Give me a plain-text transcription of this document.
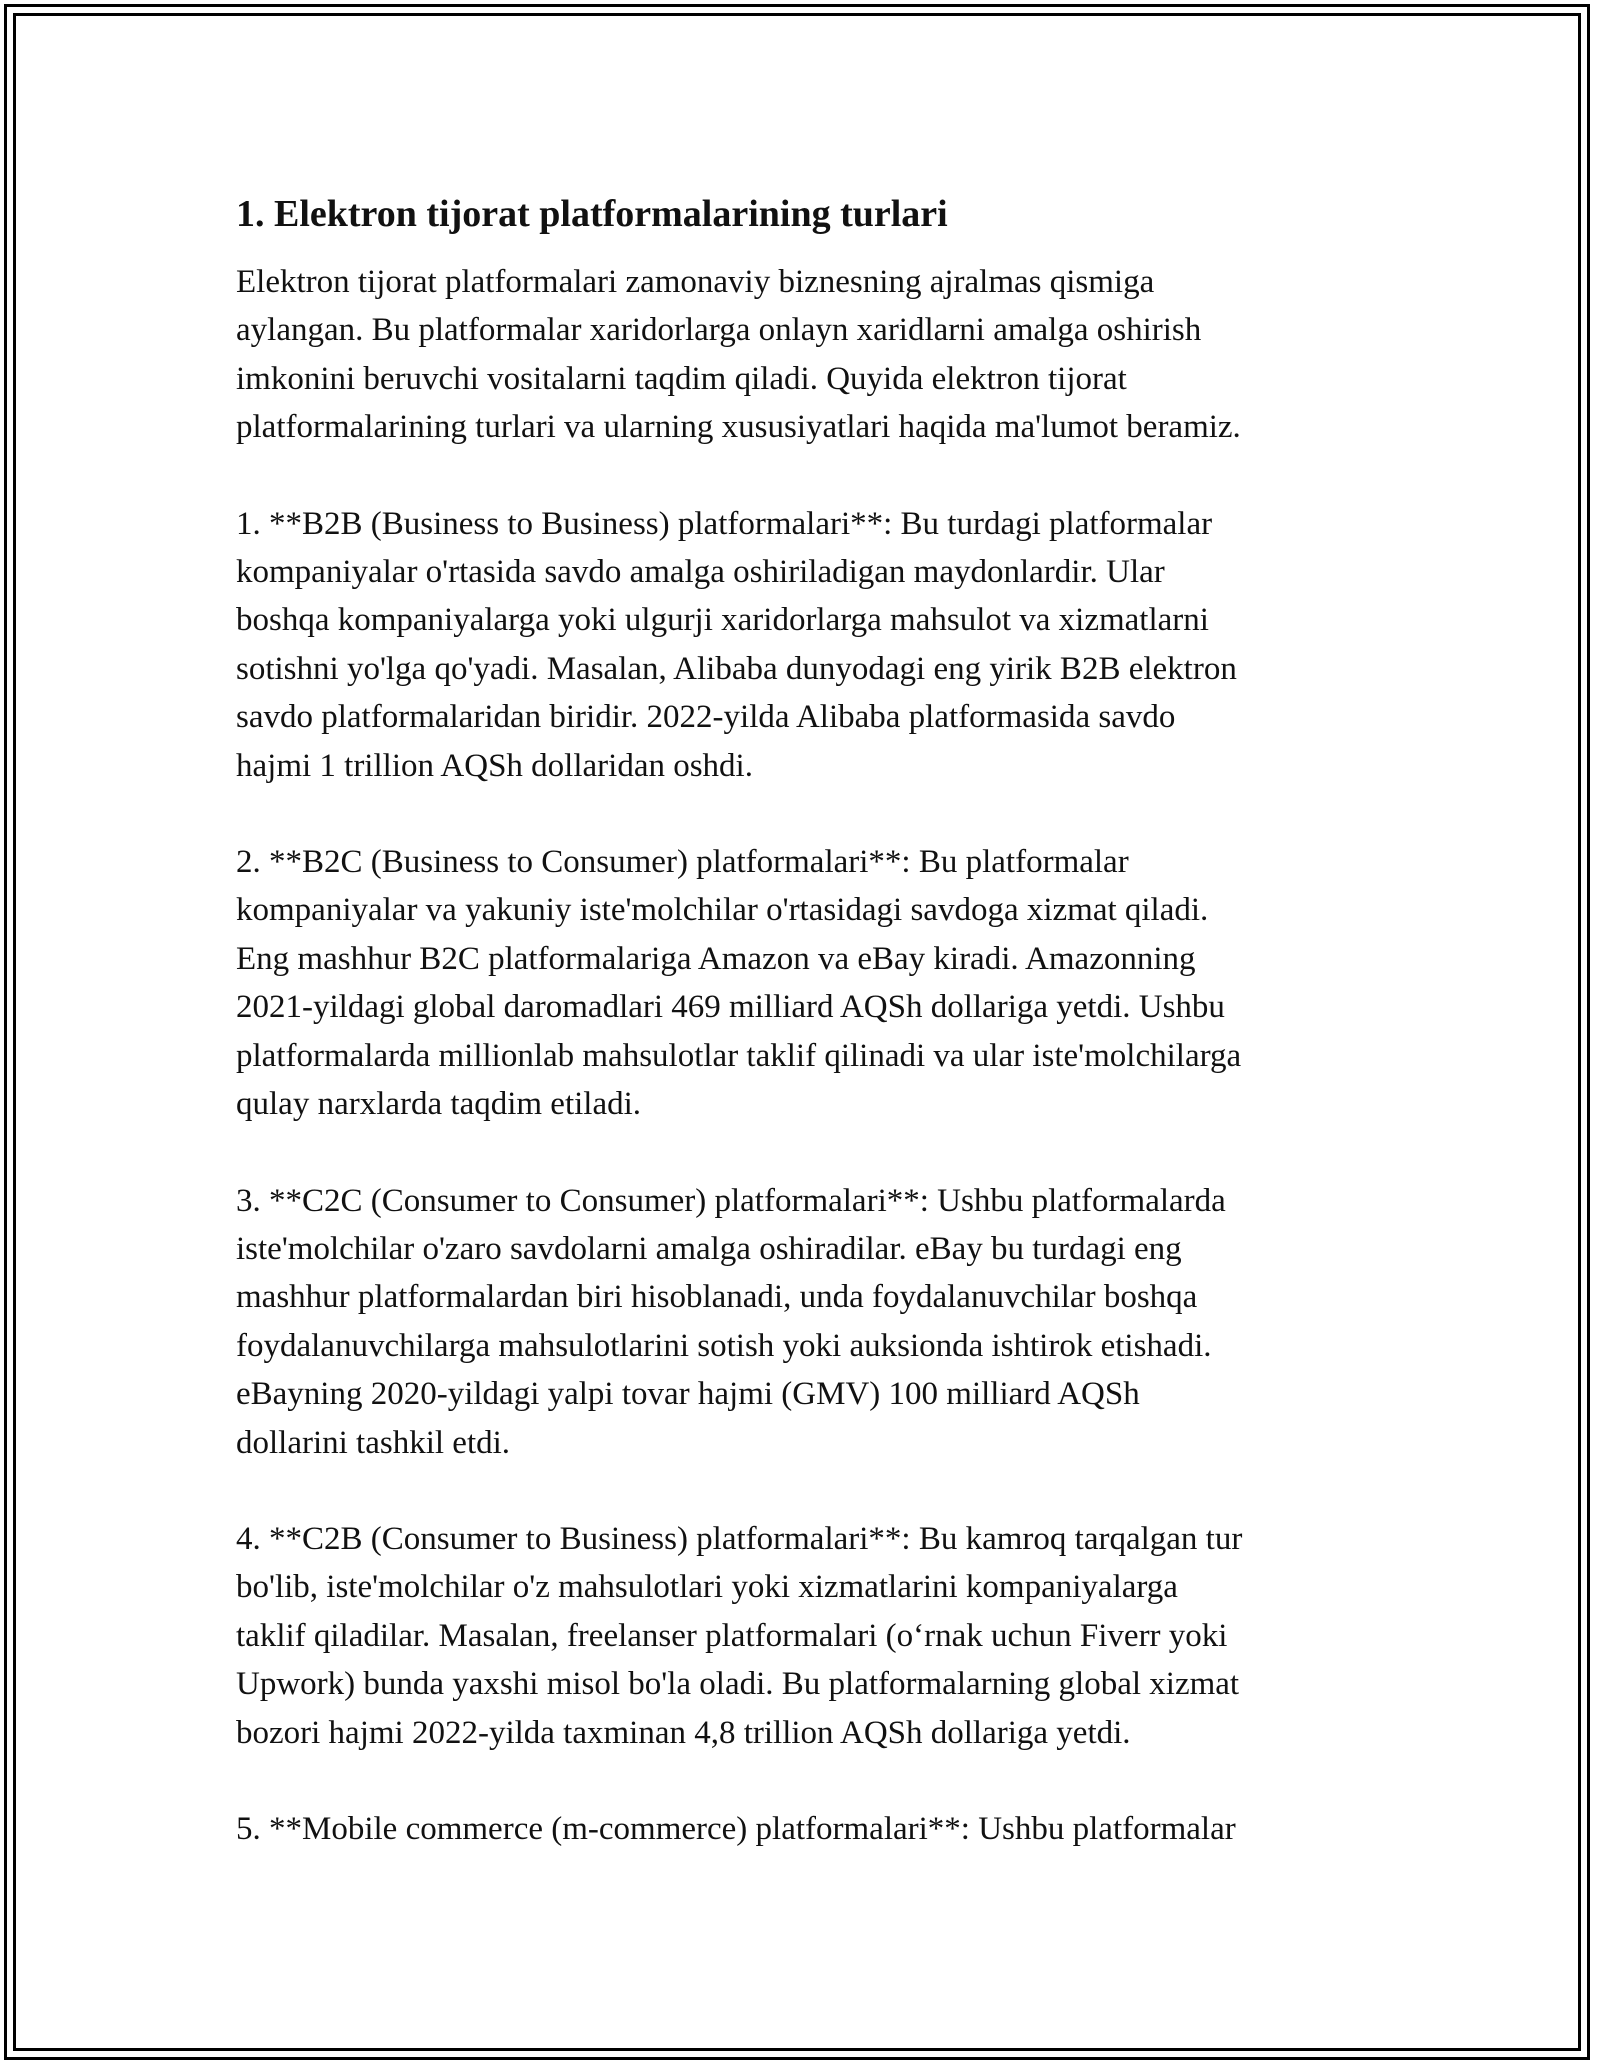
1. Elektron tijorat platformalarining turlari

Elektron tijorat platformalari zamonaviy biznesning ajralmas qismiga
aylangan. Bu platformalar xaridorlarga onlayn xaridlarni amalga oshirish
imkonini beruvchi vositalarni taqdim qiladi. Quyida elektron tijorat
platformalarining turlari va ularning xususiyatlari haqida ma'lumot beramiz.

1. **B2B (Business to Business) platformalari**: Bu turdagi platformalar
kompaniyalar o'rtasida savdo amalga oshiriladigan maydonlardir. Ular
boshqa kompaniyalarga yoki ulgurji xaridorlarga mahsulot va xizmatlarni
sotishni yo'lga qo'yadi. Masalan, Alibaba dunyodagi eng yirik B2B elektron
savdo platformalaridan biridir. 2022-yilda Alibaba platformasida savdo
hajmi 1 trillion AQSh dollaridan oshdi.

2. **B2C (Business to Consumer) platformalari**: Bu platformalar
kompaniyalar va yakuniy iste'molchilar o'rtasidagi savdoga xizmat qiladi.
Eng mashhur B2C platformalariga Amazon va eBay kiradi. Amazonning
2021-yildagi global daromadlari 469 milliard AQSh dollariga yetdi. Ushbu
platformalarda millionlab mahsulotlar taklif qilinadi va ular iste'molchilarga
qulay narxlarda taqdim etiladi.

3. **C2C (Consumer to Consumer) platformalari**: Ushbu platformalarda
iste'molchilar o'zaro savdolarni amalga oshiradilar. eBay bu turdagi eng
mashhur platformalardan biri hisoblanadi, unda foydalanuvchilar boshqa
foydalanuvchilarga mahsulotlarini sotish yoki auksionda ishtirok etishadi.
eBayning 2020-yildagi yalpi tovar hajmi (GMV) 100 milliard AQSh
dollarini tashkil etdi.

4. **C2B (Consumer to Business) platformalari**: Bu kamroq tarqalgan tur
bo'lib, iste'molchilar o'z mahsulotlari yoki xizmatlarini kompaniyalarga
taklif qiladilar. Masalan, freelanser platformalari (o‘rnak uchun Fiverr yoki
Upwork) bunda yaxshi misol bo'la oladi. Bu platformalarning global xizmat
bozori hajmi 2022-yilda taxminan 4,8 trillion AQSh dollariga yetdi.

5. **Mobile commerce (m-commerce) platformalari**: Ushbu platformalar
